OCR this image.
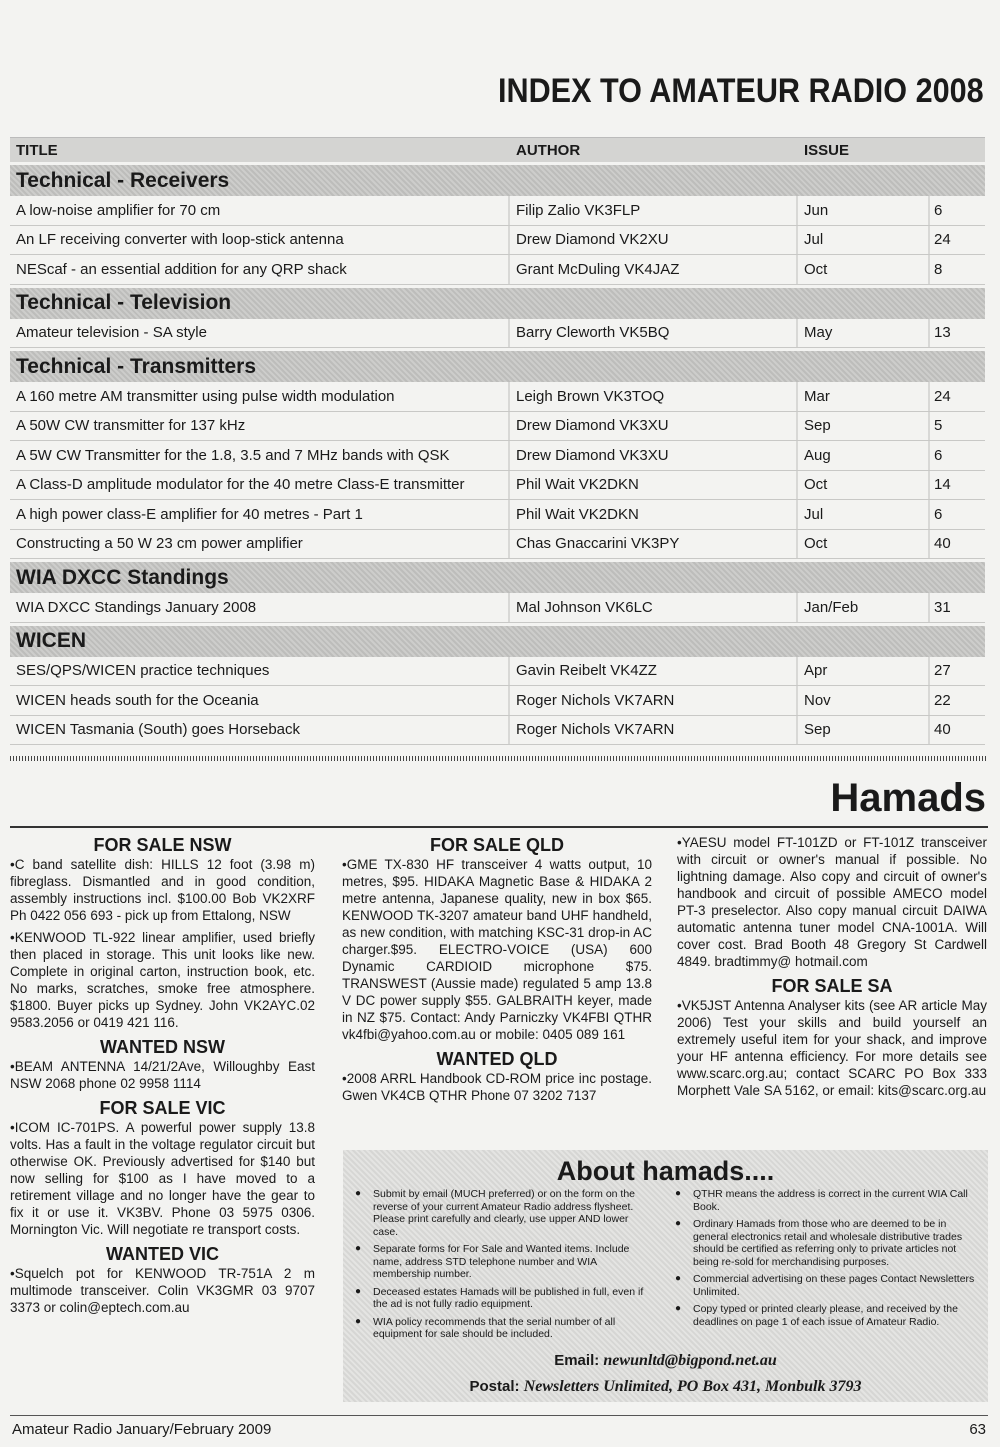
INDEX TO AMATEUR RADIO 2008
TITLE	AUTHOR	ISSUE
Technical - Receivers
A low-noise amplifier for 70 cm	Filip Zalio VK3FLP	Jun	6
An LF receiving converter with loop-stick antenna	Drew Diamond VK2XU	Jul	24
NEScaf - an essential addition for any QRP shack	Grant McDuling VK4JAZ	Oct	8
Technical - Television
Amateur television - SA style	Barry Cleworth VK5BQ	May	13
Technical - Transmitters
A 160 metre AM transmitter using pulse width modulation	Leigh Brown VK3TOQ	Mar	24
A 50W CW transmitter for 137 kHz	Drew Diamond VK3XU	Sep	5
A 5W CW Transmitter for the 1.8, 3.5 and 7 MHz bands with QSK	Drew Diamond VK3XU	Aug	6
A Class-D amplitude modulator for the 40 metre Class-E transmitter	Phil Wait VK2DKN	Oct	14
A high power class-E amplifier for 40 metres - Part 1	Phil Wait VK2DKN	Jul	6
Constructing a 50 W 23 cm power amplifier	Chas Gnaccarini VK3PY	Oct	40
WIA DXCC Standings
WIA DXCC Standings January 2008	Mal Johnson VK6LC	Jan/Feb	31
WICEN
SES/QPS/WICEN practice techniques	Gavin Reibelt VK4ZZ	Apr	27
WICEN heads south for the Oceania	Roger Nichols VK7ARN	Nov	22
WICEN Tasmania (South) goes Horseback	Roger Nichols VK7ARN	Sep	40
Hamads
FOR SALE NSW

•C band satellite dish: HILLS 12 foot (3.98 m) fibreglass. Dismantled and in good condition, assembly instructions incl. $100.00 Bob VK2XRF Ph 0422 056 693 - pick up from Ettalong, NSW

•KENWOOD TL-922 linear amplifier, used briefly then placed in storage. This unit looks like new. Complete in original carton, instruction book, etc. No marks, scratches, smoke free atmosphere. $1800. Buyer picks up Sydney. John VK2AYC.02 9583.2056 or 0419 421 116.

WANTED NSW

•BEAM ANTENNA 14/21/2Ave, Willoughby East NSW 2068 phone 02 9958 1114

FOR SALE VIC

•ICOM IC-701PS. A powerful power supply 13.8 volts. Has a fault in the voltage regulator circuit but otherwise OK. Previously advertised for $140 but now selling for $100 as I have moved to a retirement village and no longer have the gear to fix it or use it. VK3BV. Phone 03 5975 0306. Mornington Vic. Will negotiate re transport costs.

WANTED VIC

•Squelch pot for KENWOOD TR-751A 2 m multimode transceiver. Colin VK3GMR 03 9707 3373 or colin@eptech.com.au

FOR SALE QLD

•GME TX-830 HF transceiver 4 watts output, 10 metres, $95. HIDAKA Magnetic Base & HIDAKA 2 metre antenna, Japanese quality, new in box $65. KENWOOD TK-3207 amateur band UHF handheld, as new condition, with matching KSC-31 drop-in AC charger.$95. ELECTRO-VOICE (USA) 600 Dynamic CARDIOID microphone $75. TRANSWEST (Aussie made) regulated 5 amp 13.8 V DC power supply $55. GALBRAITH keyer, made in NZ $75. Contact: Andy Parniczky VK4FBI QTHR vk4fbi@yahoo.com.au or mobile: 0405 089 161

WANTED QLD

•2008 ARRL Handbook CD-ROM price inc postage. Gwen VK4CB QTHR Phone 07 3202 7137

•YAESU model FT-101ZD or FT-101Z transceiver with circuit or owner's manual if possible. No lightning damage. Also copy and circuit of owner's handbook and circuit of possible AMECO model PT-3 preselector. Also copy manual circuit DAIWA automatic antenna tuner model CNA-1001A. Will cover cost. Brad Booth 48 Gregory St Cardwell 4849. bradtimmy@ hotmail.com

FOR SALE SA

•VK5JST Antenna Analyser kits (see AR article May 2006) Test your skills and build yourself an extremely useful item for your shack, and improve your HF antenna efficiency. For more details see www.scarc.org.au; contact SCARC PO Box 333 Morphett Vale SA 5162, or email: kits@scarc.org.au

About hamads....
● Submit by email (MUCH preferred) or on the form on the reverse of your current Amateur Radio address flysheet. Please print carefully and clearly, use upper AND lower case.
● Separate forms for For Sale and Wanted items. Include name, address STD telephone number and WIA membership number.
● Deceased estates Hamads will be published in full, even if the ad is not fully radio equipment.
● WIA policy recommends that the serial number of all equipment for sale should be included.
● QTHR means the address is correct in the current WIA Call Book.
● Ordinary Hamads from those who are deemed to be in general electronics retail and wholesale distributive trades should be certified as referring only to private articles not being re-sold for merchandising purposes.
● Commercial advertising on these pages Contact Newsletters Unlimited.
● Copy typed or printed clearly please, and received by the deadlines on page 1 of each issue of Amateur Radio.
Email: newunltd@bigpond.net.au
Postal: Newsletters Unlimited, PO Box 431, Monbulk 3793
Amateur Radio January/February 2009	63
